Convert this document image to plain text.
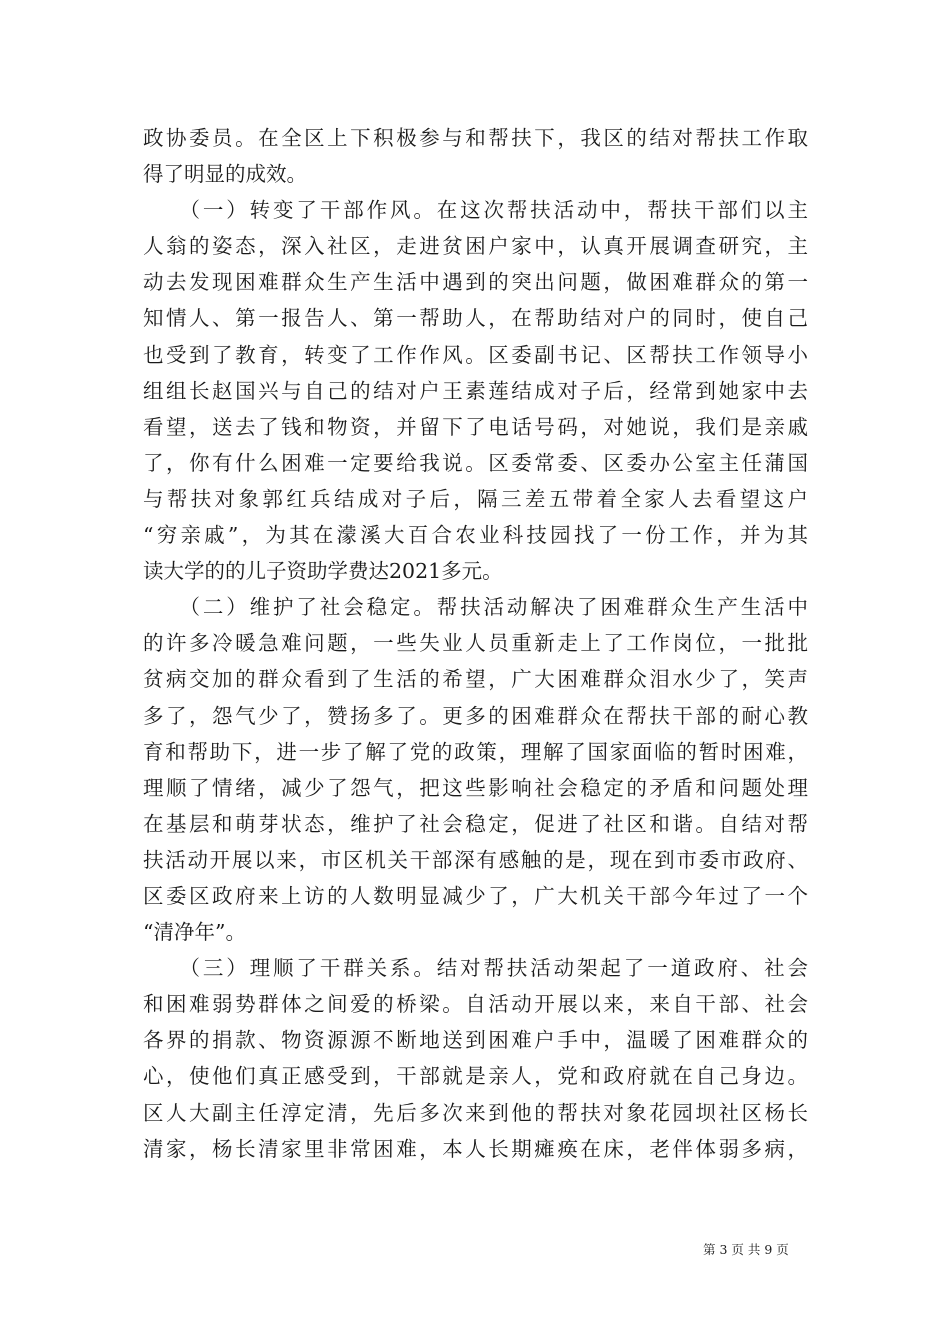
政协委员。在全区上下积极参与和帮扶下，我区的结对帮扶工作取
得了明显的成效。
　　（一）转变了干部作风。在这次帮扶活动中，帮扶干部们以主
人翁的姿态，深入社区，走进贫困户家中，认真开展调查研究，主
动去发现困难群众生产生活中遇到的突出问题，做困难群众的第一
知情人、第一报告人、第一帮助人，在帮助结对户的同时，使自己
也受到了教育，转变了工作作风。区委副书记、区帮扶工作领导小
组组长赵国兴与自己的结对户王素莲结成对子后，经常到她家中去
看望，送去了钱和物资，并留下了电话号码，对她说，我们是亲戚
了，你有什么困难一定要给我说。区委常委、区委办公室主任蒲国
与帮扶对象郭红兵结成对子后，隔三差五带着全家人去看望这户
“穷亲戚”，为其在濛溪大百合农业科技园找了一份工作，并为其
读大学的的儿子资助学费达2021多元。
　　（二）维护了社会稳定。帮扶活动解决了困难群众生产生活中
的许多冷暖急难问题，一些失业人员重新走上了工作岗位，一批批
贫病交加的群众看到了生活的希望，广大困难群众泪水少了，笑声
多了，怨气少了，赞扬多了。更多的困难群众在帮扶干部的耐心教
育和帮助下，进一步了解了党的政策，理解了国家面临的暂时困难，
理顺了情绪，减少了怨气，把这些影响社会稳定的矛盾和问题处理
在基层和萌芽状态，维护了社会稳定，促进了社区和谐。自结对帮
扶活动开展以来，市区机关干部深有感触的是，现在到市委市政府、
区委区政府来上访的人数明显减少了，广大机关干部今年过了一个
“清净年”。
　　（三）理顺了干群关系。结对帮扶活动架起了一道政府、社会
和困难弱势群体之间爱的桥梁。自活动开展以来，来自干部、社会
各界的捐款、物资源源不断地送到困难户手中，温暖了困难群众的
心，使他们真正感受到，干部就是亲人，党和政府就在自己身边。
区人大副主任淳定清，先后多次来到他的帮扶对象花园坝社区杨长
清家，杨长清家里非常困难，本人长期瘫痪在床，老伴体弱多病，
第 3 页 共 9 页
